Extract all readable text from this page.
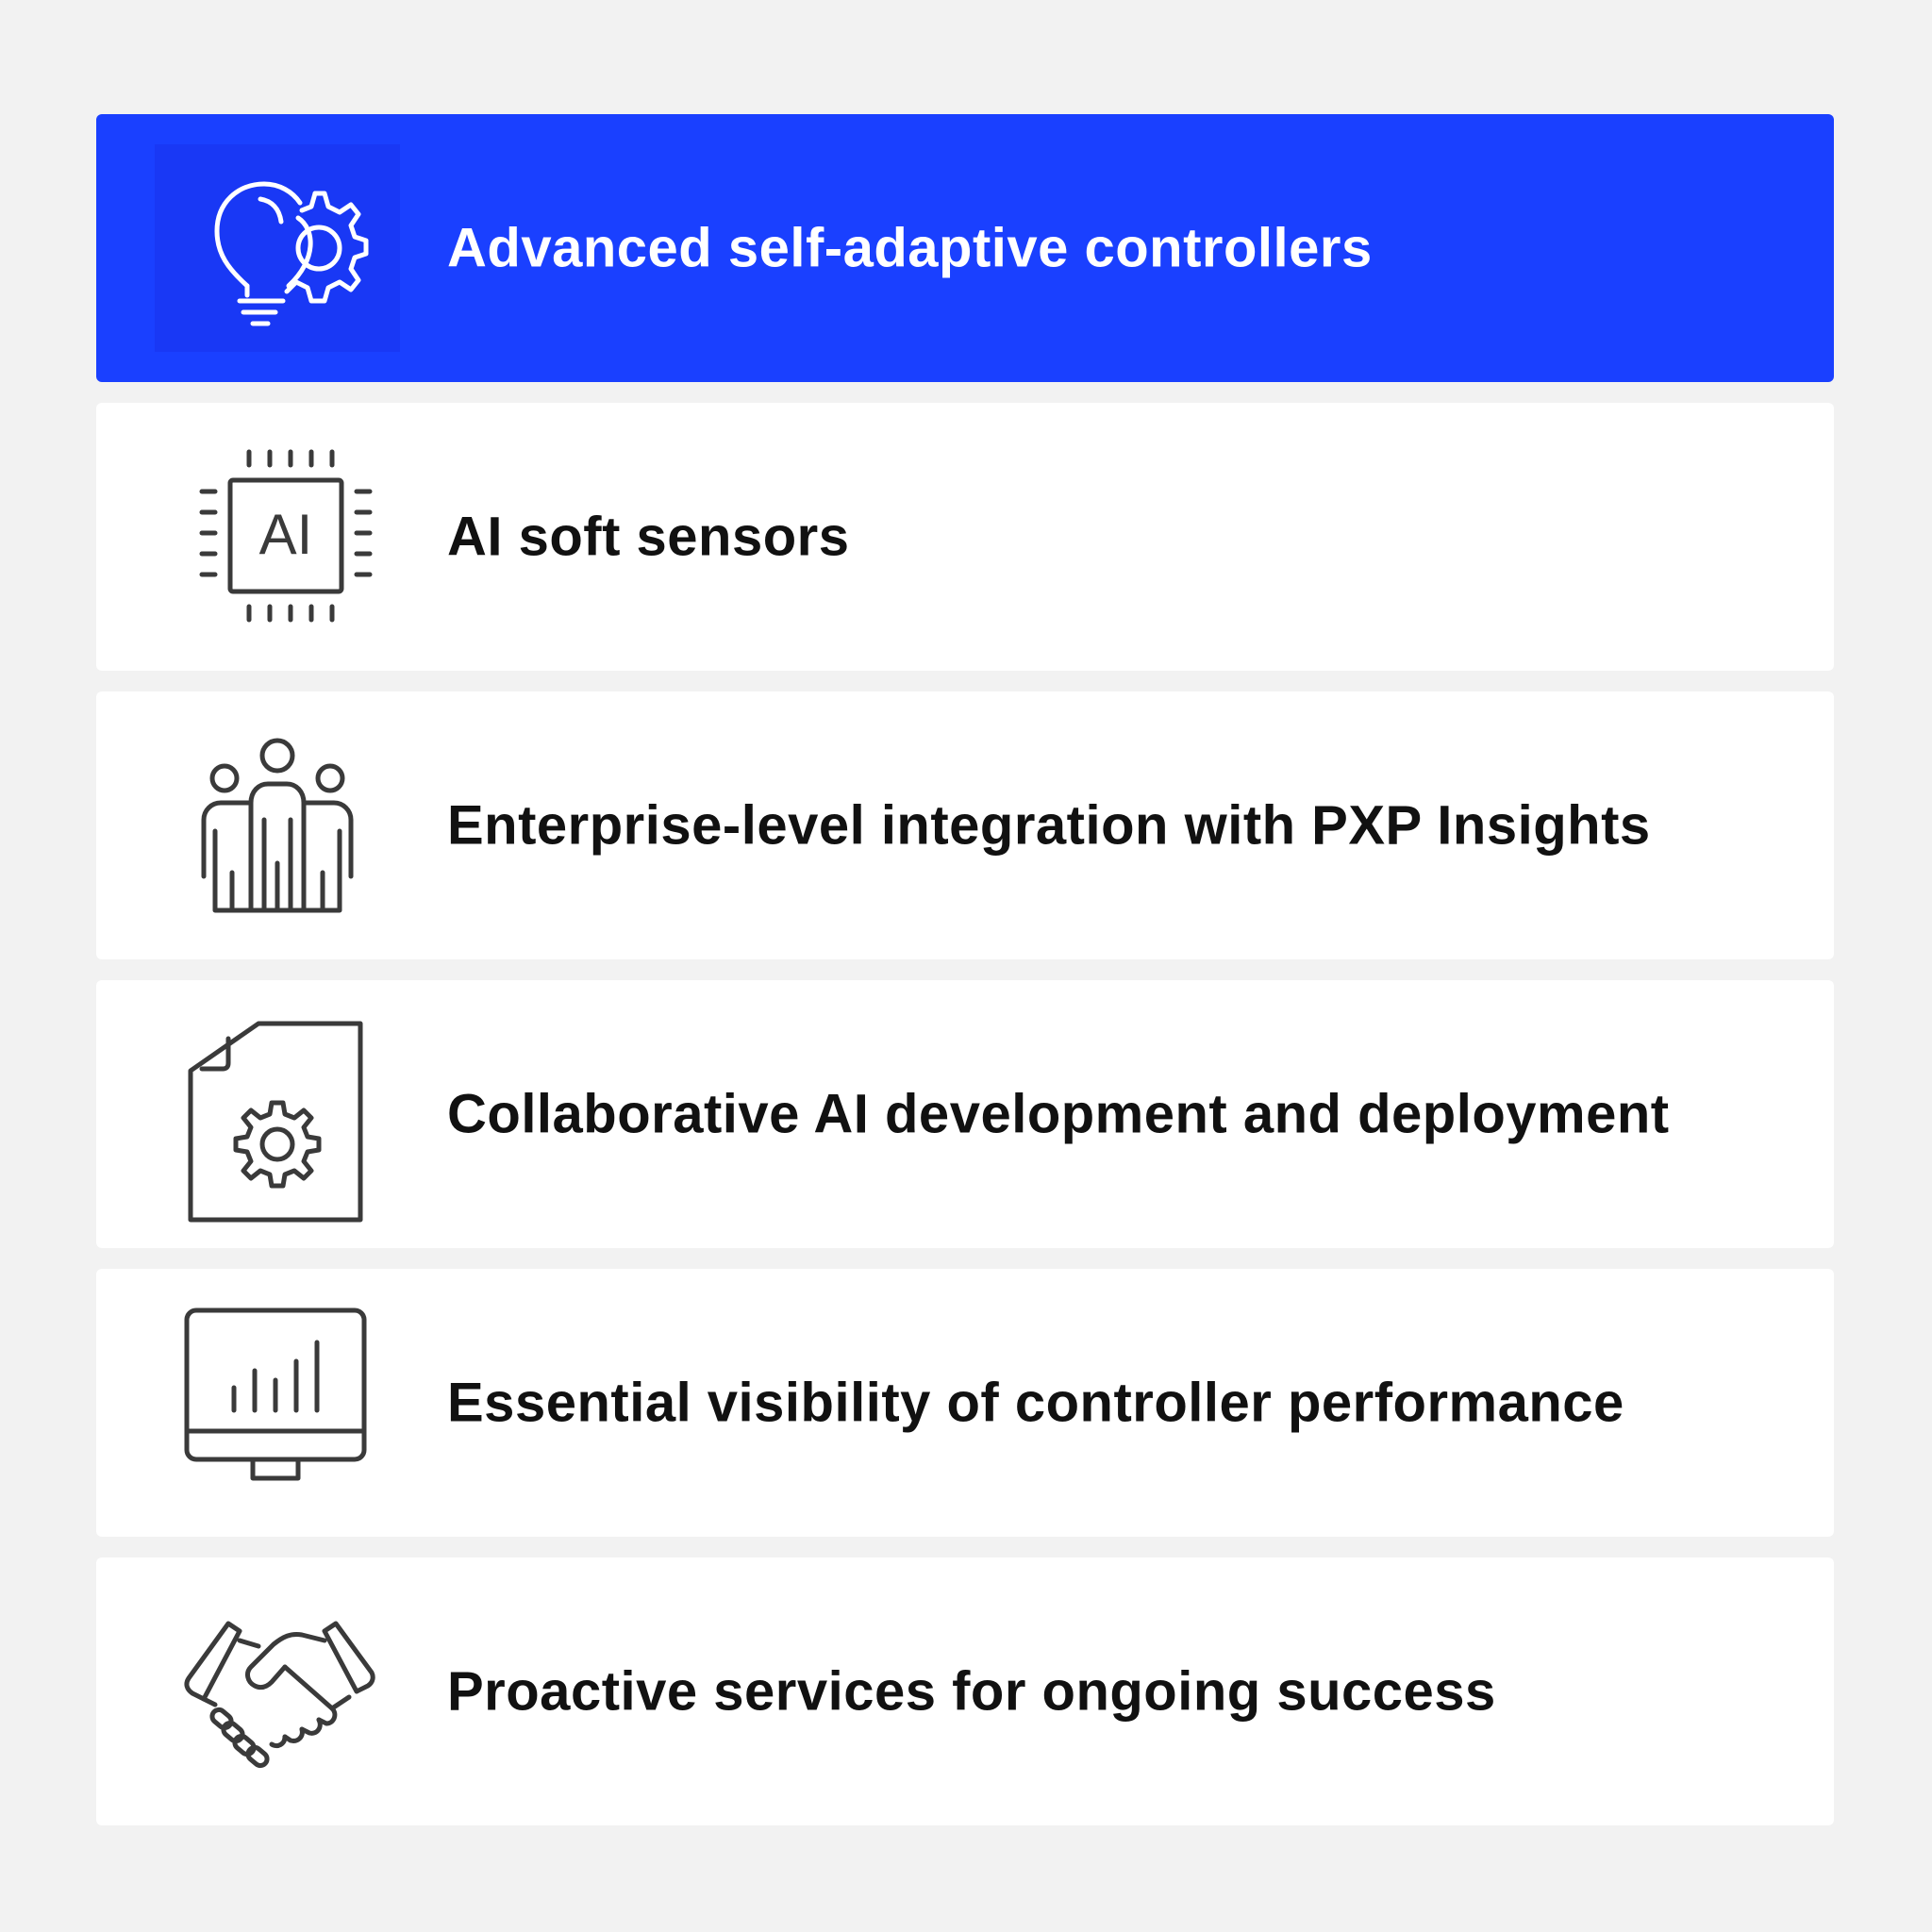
Advanced self-adaptive controllers
AI AI soft sensors
Enterprise-level integration with PXP Insights
Collaborative AI development and deployment
Essential visibility of controller performance
Proactive services for ongoing success
